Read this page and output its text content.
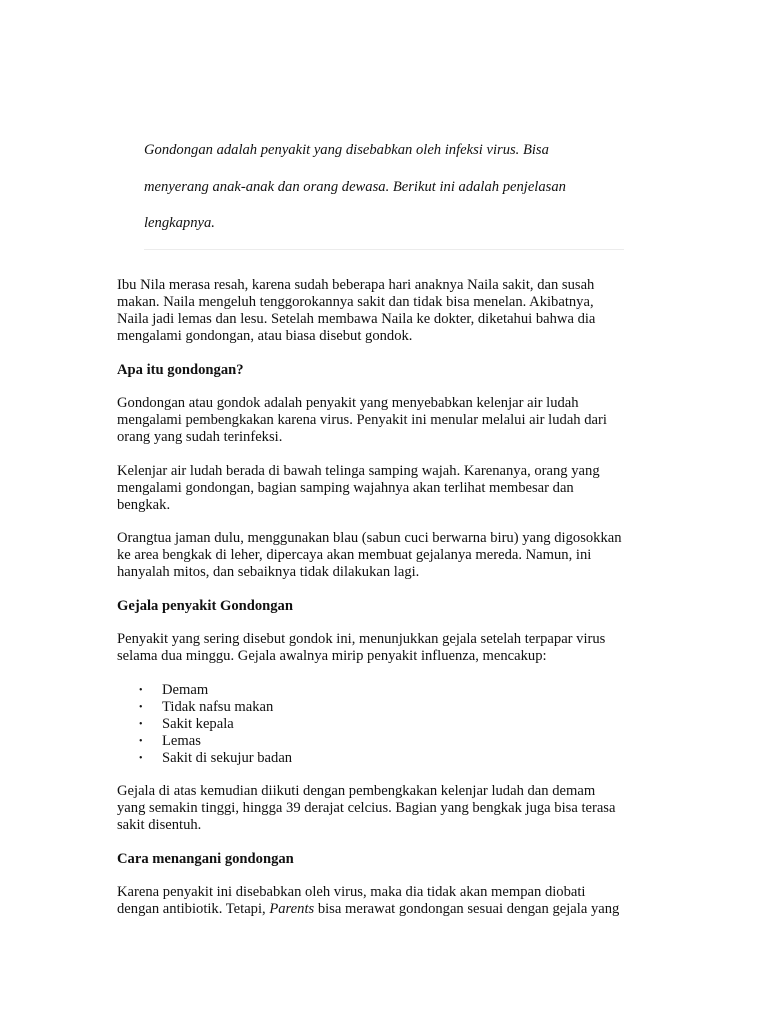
Gondongan adalah penyakit yang disebabkan oleh infeksi virus. Bisa
menyerang anak-anak dan orang dewasa. Berikut ini adalah penjelasan
lengkapnya.

Ibu Nila merasa resah, karena sudah beberapa hari anaknya Naila sakit, dan susah
makan. Naila mengeluh tenggorokannya sakit dan tidak bisa menelan. Akibatnya,
Naila jadi lemas dan lesu. Setelah membawa Naila ke dokter, diketahui bahwa dia
mengalami gondongan, atau biasa disebut gondok.

Apa itu gondongan?

Gondongan atau gondok adalah penyakit yang menyebabkan kelenjar air ludah
mengalami pembengkakan karena virus. Penyakit ini menular melalui air ludah dari
orang yang sudah terinfeksi.

Kelenjar air ludah berada di bawah telinga samping wajah. Karenanya, orang yang
mengalami gondongan, bagian samping wajahnya akan terlihat membesar dan
bengkak.

Orangtua jaman dulu, menggunakan blau (sabun cuci berwarna biru) yang digosokkan
ke area bengkak di leher, dipercaya akan membuat gejalanya mereda. Namun, ini
hanyalah mitos, dan sebaiknya tidak dilakukan lagi.

Gejala penyakit Gondongan

Penyakit yang sering disebut gondok ini, menunjukkan gejala setelah terpapar virus
selama dua minggu. Gejala awalnya mirip penyakit influenza, mencakup:

• Demam
• Tidak nafsu makan
• Sakit kepala
• Lemas
• Sakit di sekujur badan

Gejala di atas kemudian diikuti dengan pembengkakan kelenjar ludah dan demam
yang semakin tinggi, hingga 39 derajat celcius. Bagian yang bengkak juga bisa terasa
sakit disentuh.

Cara menangani gondongan

Karena penyakit ini disebabkan oleh virus, maka dia tidak akan mempan diobati
dengan antibiotik. Tetapi, Parents bisa merawat gondongan sesuai dengan gejala yang
